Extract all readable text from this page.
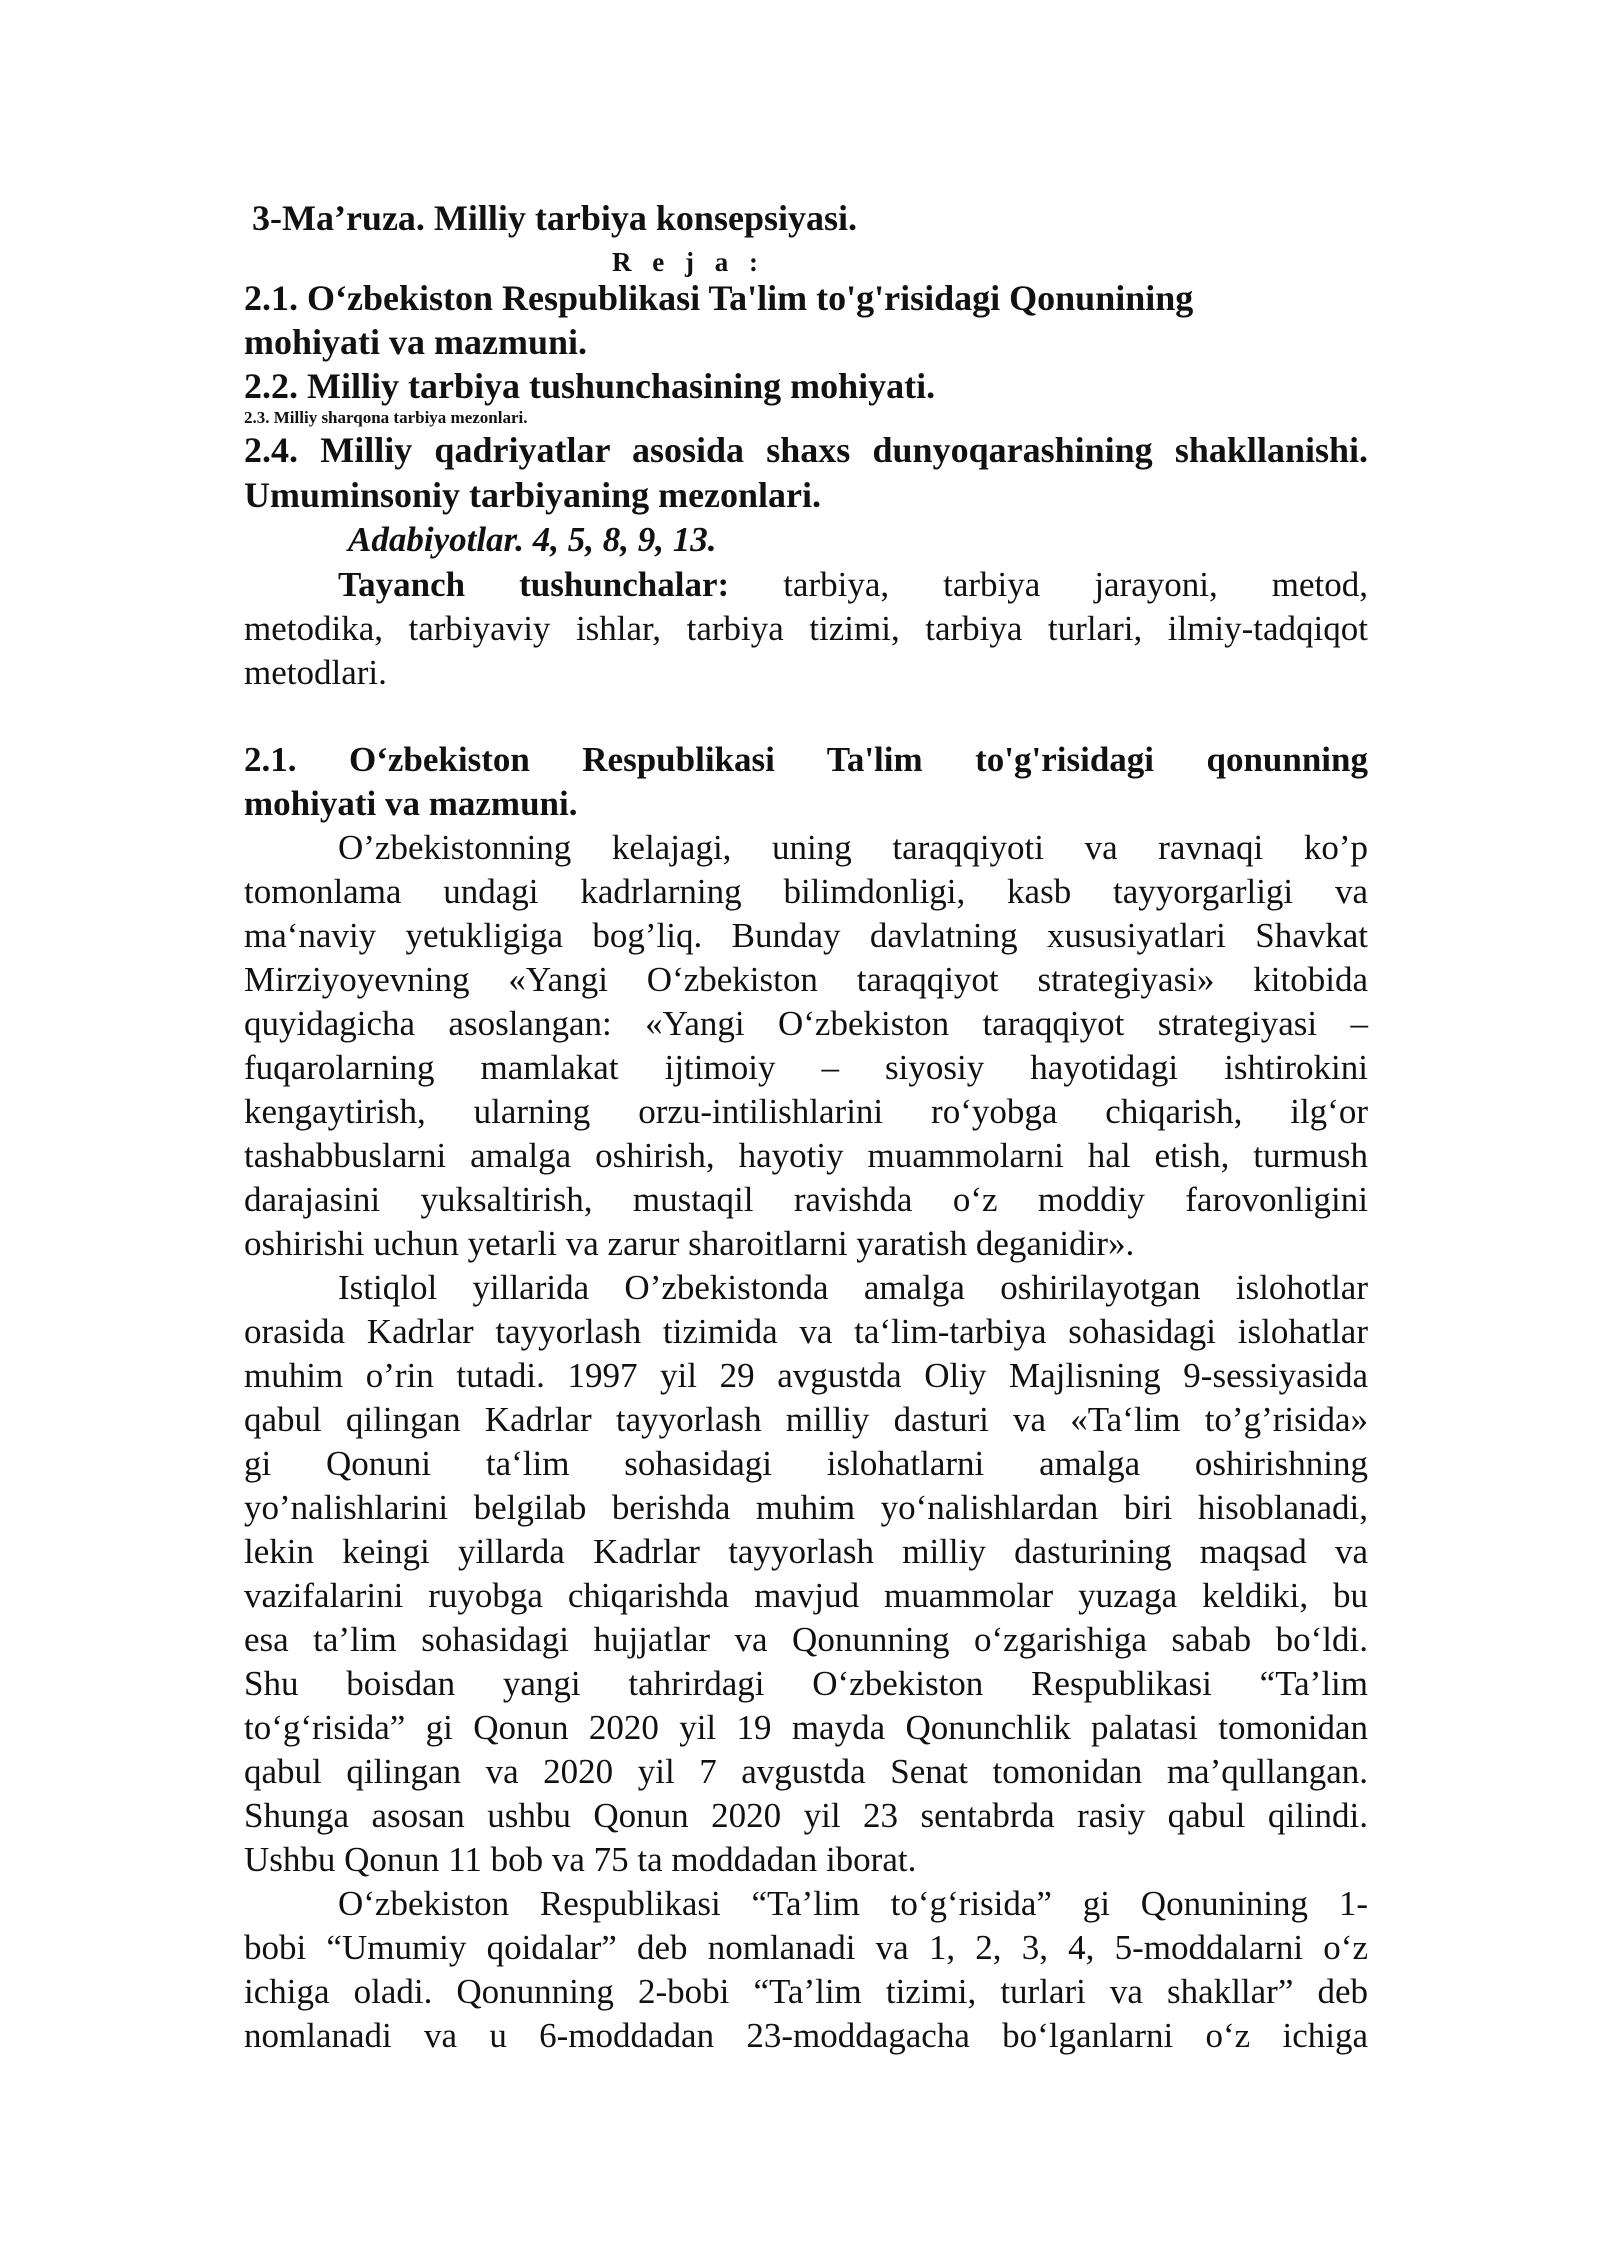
3-Ma’ruza. Milliy tarbiya konsepsiyasi.
R e j a :
2.1. O‘zbekiston Respublikasi Ta'lim to'g'risidagi Qonunining
mohiyati va mazmuni.
2.2. Milliy tarbiya tushunchasining mohiyati.
2.3. Milliy sharqona tarbiya mezonlari.
2.4. Milliy qadriyatlar asosida shaxs dunyoqarashining shakllanishi.
Umuminsoniy tarbiyaning mezonlari.
Adabiyotlar. 4, 5, 8, 9, 13.
Tayanch tushunchalar: tarbiya, tarbiya jarayoni, metod,
metodika, tarbiyaviy ishlar, tarbiya tizimi, tarbiya turlari, ilmiy-tadqiqot
metodlari.
2.1. O‘zbekiston Respublikasi Ta'lim to'g'risidagi qonunning
mohiyati va mazmuni.
O’zbekistonning kelajagi, uning taraqqiyoti va ravnaqi ko’p
tomonlama undagi kadrlarning bilimdonligi, kasb tayyorgarligi va
ma‘naviy yetukligiga bog’liq. Bunday davlatning xususiyatlari Shavkat
Mirziyoyevning «Yangi O‘zbekiston taraqqiyot strategiyasi» kitobida
quyidagicha asoslangan: «Yangi O‘zbekiston taraqqiyot strategiyasi –
fuqarolarning mamlakat ijtimoiy – siyosiy hayotidagi ishtirokini
kengaytirish, ularning orzu-intilishlarini ro‘yobga chiqarish, ilg‘or
tashabbuslarni amalga oshirish, hayotiy muammolarni hal etish, turmush
darajasini yuksaltirish, mustaqil ravishda o‘z moddiy farovonligini
oshirishi uchun yetarli va zarur sharoitlarni yaratish deganidir».
Istiqlol yillarida O’zbekistonda amalga oshirilayotgan islohotlar
orasida Kadrlar tayyorlash tizimida va ta‘lim-tarbiya sohasidagi islohatlar
muhim o’rin tutadi. 1997 yil 29 avgustda Oliy Majlisning 9-sessiyasida
qabul qilingan Kadrlar tayyorlash milliy dasturi va «Ta‘lim to’g’risida»
gi Qonuni ta‘lim sohasidagi islohatlarni amalga oshirishning
yo’nalishlarini belgilab berishda muhim yo‘nalishlardan biri hisoblanadi,
lekin keingi yillarda Kadrlar tayyorlash milliy dasturining maqsad va
vazifalarini ruyobga chiqarishda mavjud muammolar yuzaga keldiki, bu
esa ta’lim sohasidagi hujjatlar va Qonunning o‘zgarishiga sabab bo‘ldi.
Shu boisdan yangi tahrirdagi O‘zbekiston Respublikasi “Ta’lim
to‘g‘risida” gi Qonun 2020 yil 19 mayda Qonunchlik palatasi tomonidan
qabul qilingan va 2020 yil 7 avgustda Senat tomonidan ma’qullangan.
Shunga asosan ushbu Qonun 2020 yil 23 sentabrda rasiy qabul qilindi.
Ushbu Qonun 11 bob va 75 ta moddadan iborat.
O‘zbekiston Respublikasi “Ta’lim to‘g‘risida” gi Qonunining 1-
bobi “Umumiy qoidalar” deb nomlanadi va 1, 2, 3, 4, 5-moddalarni o‘z
ichiga oladi. Qonunning 2-bobi “Ta’lim tizimi, turlari va shakllar” deb
nomlanadi va u 6-moddadan 23-moddagacha bo‘lganlarni o‘z ichiga
